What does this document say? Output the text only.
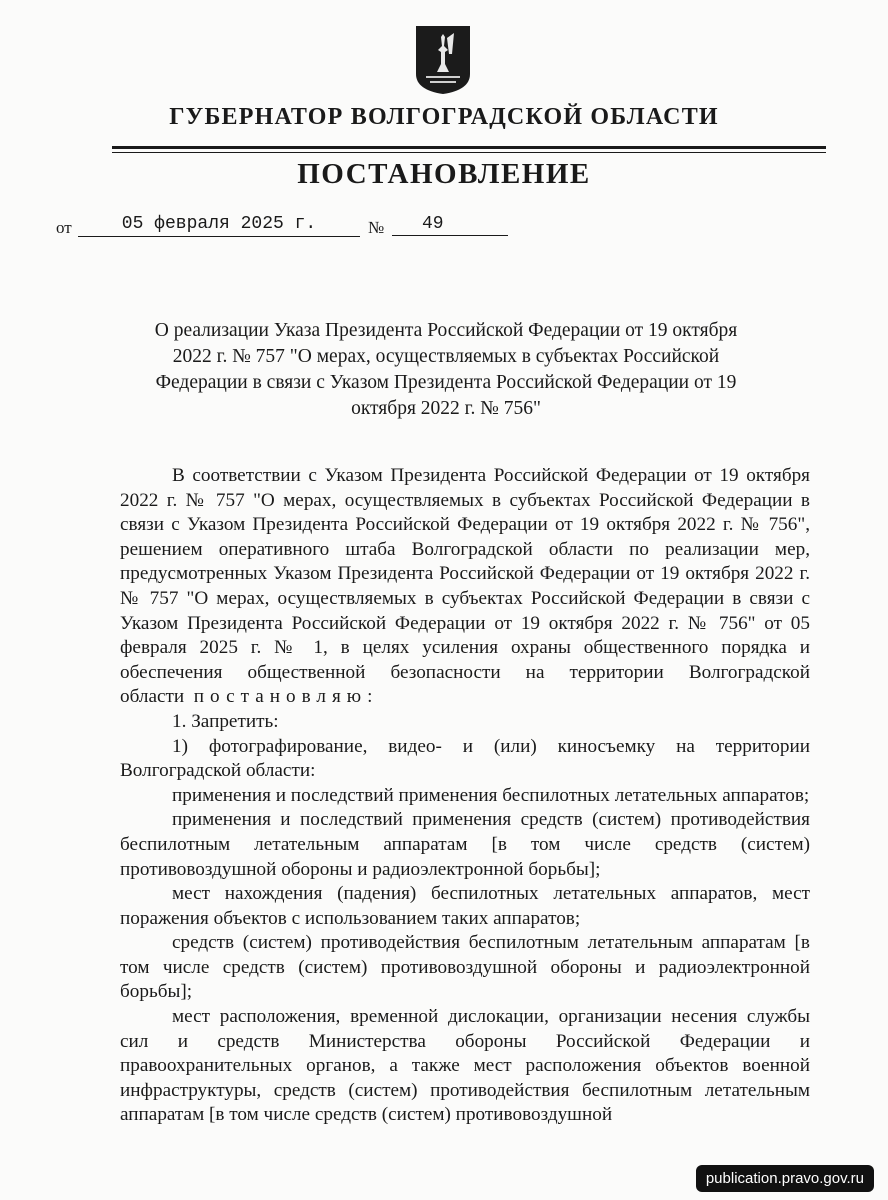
ГУБЕРНАТОР ВОЛГОГРАДСКОЙ ОБЛАСТИ
ПОСТАНОВЛЕНИЕ
от	05 февраля 2025 г.	№	49
О реализации Указа Президента Российской Федерации от 19 октября 2022 г. № 757 "О мерах, осуществляемых в субъектах Российской Федерации в связи с Указом Президента Российской Федерации от 19 октября 2022 г. № 756"

В соответствии с Указом Президента Российской Федерации от 19 октября 2022 г. № 757 "О мерах, осуществляемых в субъектах Российской Федерации в связи с Указом Президента Российской Федерации от 19 октября 2022 г. № 756", решением оперативного штаба Волгоградской области по реализации мер, предусмотренных Указом Президента Российской Федерации от 19 октября 2022 г. № 757 "О мерах, осуществляемых в субъектах Российской Федерации в связи с Указом Президента Российской Федерации от 19 октября 2022 г. № 756" от 05 февраля 2025 г. № 1, в целях усиления охраны общественного порядка и обеспечения общественной безопасности на территории Волгоградской области постановляю:

1. Запретить:

1) фотографирование, видео- и (или) киносъемку на территории Волгоградской области:

применения и последствий применения беспилотных летательных аппаратов;

применения и последствий применения средств (систем) противодействия беспилотным летательным аппаратам [в том числе средств (систем) противовоздушной обороны и радиоэлектронной борьбы];

мест нахождения (падения) беспилотных летательных аппаратов, мест поражения объектов с использованием таких аппаратов;

средств (систем) противодействия беспилотным летательным аппаратам [в том числе средств (систем) противовоздушной обороны и радиоэлектронной борьбы];

мест расположения, временной дислокации, организации несения службы сил и средств Министерства обороны Российской Федерации и правоохранительных органов, а также мест расположения объектов военной инфраструктуры, средств (систем) противодействия беспилотным летательным аппаратам [в том числе средств (систем) противовоздушной

publication.pravo.gov.ru
